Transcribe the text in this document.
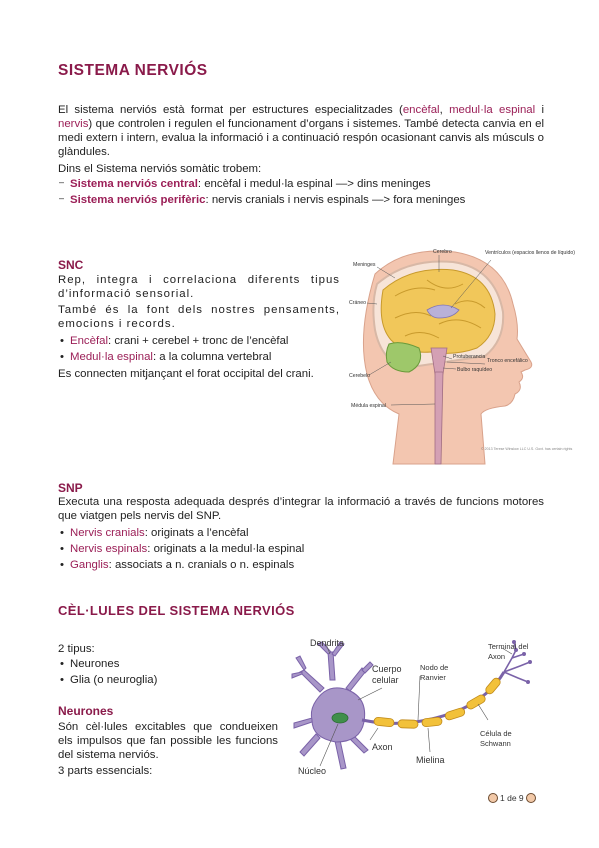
SISTEMA NERVIÓS
El sistema nerviós està format per estructures especialitzades (encèfal, medul·la espinal i nervis) que controlen i regulen el funcionament d’organs i sistemes. També detecta canvia en el medi extern i intern, evalua la informació i a continuació respón ocasionant canvis als músculs o glàndules.
Dins el Sistema nerviós somàtic trobem:
– Sistema nerviós central: encèfal i medul·la espinal —> dins meninges
– Sistema nerviós perifèric: nervis cranials i nervis espinals —> fora meninges
SNC
Rep, integra i correlaciona diferents tipus d’informació sensorial.
També és la font dels nostres pensaments, emocions i records.
• Encèfal: crani + cerebel + tronc de l’encèfal
• Medul·la espinal: a la columna vertebral
Es connecten mitjançant el forat occipital del crani.
Cerebro
Meninges
Ventrículos (espacios llenos de líquido)
Cráneo
Protuberancia
Tronco encefálico
Bulbo raquídeo
Cerebelo
Médula espinal
© 2013 Terese Winslow LLC U.S. Govt. has certain rights
SNP
Executa una resposta adequada després d’integrar la informació a través de funcions motores que viatgen pels nervis del SNP.
• Nervis cranials: originats a l’encèfal
• Nervis espinals: originats a la medul·la espinal
• Ganglis: associats a n. cranials o n. espinals
CÈL·LULES DEL SISTEMA NERVIÓS
2 tipus:
• Neurones
• Glia (o neuroglia)
Neurones
Són cèl·lules excitables que condueixen els impulsos que fan possible les funcions del sistema nerviós.
3 parts essencials:
Dendrita
Cuerpo
celular
Nodo de
Ranvier
Terminal del
Axon
Célula de
Schwann
Axon
Mielina
Núcleo
1 de 9
